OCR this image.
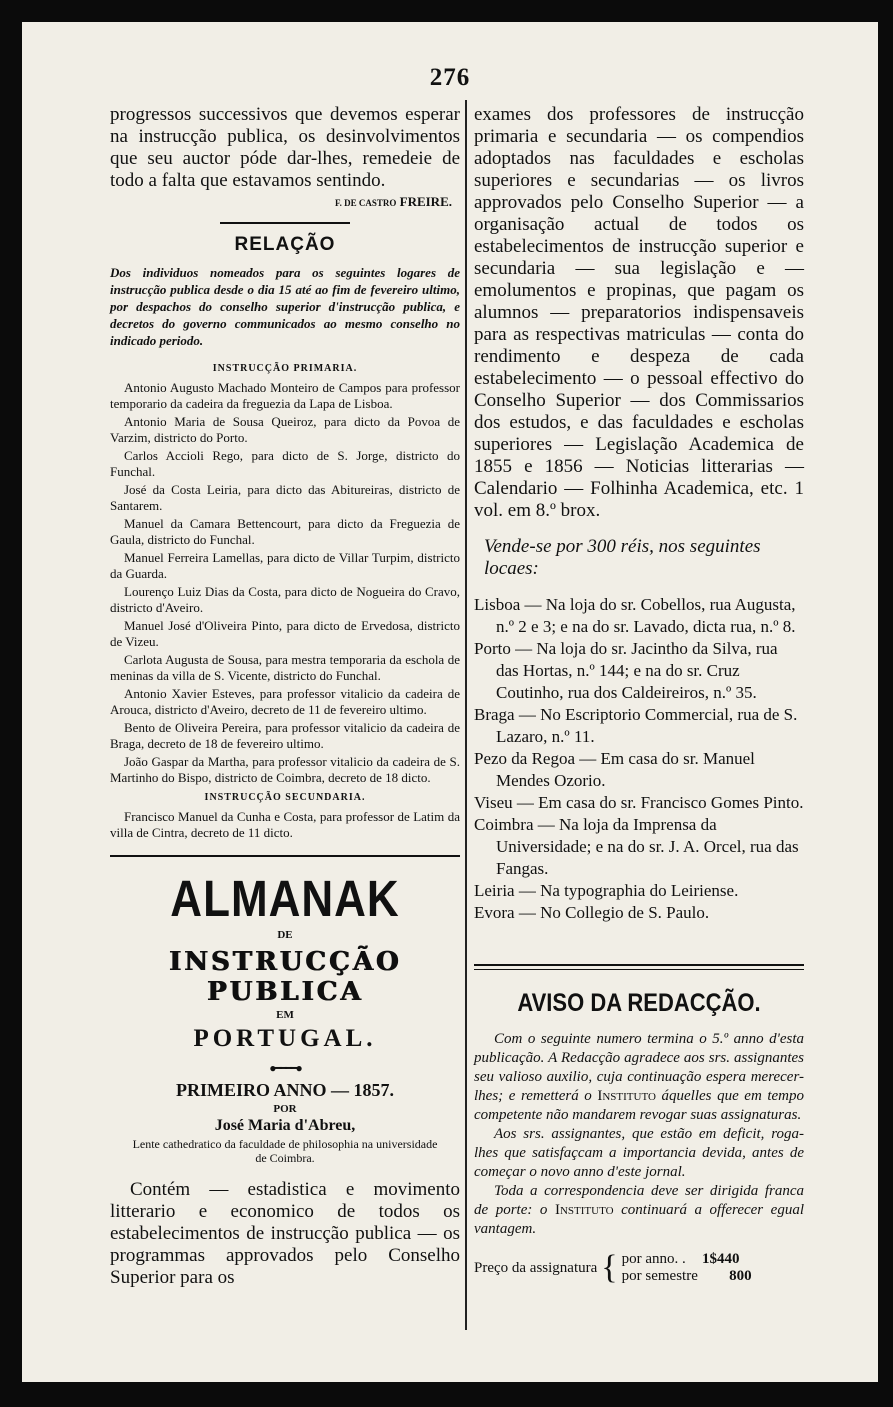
276

progressos successivos que devemos esperar na instrucção publica, os desinvolvimentos que seu auctor póde dar-lhes, remedeie de todo a falta que estavamos sentindo.

F. DE CASTRO FREIRE.
RELAÇÃO

Dos individuos nomeados para os seguintes logares de instrucção publica desde o dia 15 até ao fim de fevereiro ultimo, por despachos do conselho superior d'instrucção publica, e decretos do governo communicados ao mesmo conselho no indicado periodo.

INSTRUCÇÃO PRIMARIA.

Antonio Augusto Machado Monteiro de Campos para professor temporario da cadeira da freguezia da Lapa de Lisboa.

Antonio Maria de Sousa Queiroz, para dicto da Povoa de Varzim, districto do Porto.

Carlos Accioli Rego, para dicto de S. Jorge, districto do Funchal.

José da Costa Leiria, para dicto das Abitureiras, districto de Santarem.

Manuel da Camara Bettencourt, para dicto da Freguezia de Gaula, districto do Funchal.

Manuel Ferreira Lamellas, para dicto de Villar Turpim, districto da Guarda.

Lourenço Luiz Dias da Costa, para dicto de Nogueira do Cravo, districto d'Aveiro.

Manuel José d'Oliveira Pinto, para dicto de Ervedosa, districto de Vizeu.

Carlota Augusta de Sousa, para mestra temporaria da eschola de meninas da villa de S. Vicente, districto do Funchal.

Antonio Xavier Esteves, para professor vitalicio da cadeira de Arouca, districto d'Aveiro, decreto de 11 de fevereiro ultimo.

Bento de Oliveira Pereira, para professor vitalicio da cadeira de Braga, decreto de 18 de fevereiro ultimo.

João Gaspar da Martha, para professor vitalicio da cadeira de S. Martinho do Bispo, districto de Coimbra, decreto de 18 dicto.

INSTRUCÇÃO SECUNDARIA.

Francisco Manuel da Cunha e Costa, para professor de Latim da villa de Cintra, decreto de 11 dicto.

ALMANAK
DE
INSTRUCÇÃO PUBLICA
EM
PORTUGAL.
●━━━━●
PRIMEIRO ANNO — 1857.
POR
José Maria d'Abreu,
Lente cathedratico da faculdade de philosophia na universidade de Coimbra.

Contém — estadistica e movimento litterario e economico de todos os estabelecimentos de instrucção publica — os programmas approvados pelo Conselho Superior para os

exames dos professores de instrucção primaria e secundaria — os compendios adoptados nas faculdades e escholas superiores e secundarias — os livros approvados pelo Conselho Superior — a organisação actual de todos os estabelecimentos de instrucção superior e secundaria — sua legislação e — emolumentos e propinas, que pagam os alumnos — preparatorios indispensaveis para as respectivas matriculas — conta do rendimento e despeza de cada estabelecimento — o pessoal effectivo do Conselho Superior — dos Commissarios dos estudos, e das faculdades e escholas superiores — Legislação Academica de 1855 e 1856 — Noticias litterarias — Calendario — Folhinha Academica, etc. 1 vol. em 8.º brox.

Vende-se por 300 réis, nos seguintes locaes:

Lisboa — Na loja do sr. Cobellos, rua Augusta, n.º 2 e 3; e na do sr. Lavado, dicta rua, n.º 8.

Porto — Na loja do sr. Jacintho da Silva, rua das Hortas, n.º 144; e na do sr. Cruz Coutinho, rua dos Caldeireiros, n.º 35.

Braga — No Escriptorio Commercial, rua de S. Lazaro, n.º 11.

Pezo da Regoa — Em casa do sr. Manuel Mendes Ozorio.

Viseu — Em casa do sr. Francisco Gomes Pinto.

Coimbra — Na loja da Imprensa da Universidade; e na do sr. J. A. Orcel, rua das Fangas.

Leiria — Na typographia do Leiriense.

Evora — No Collegio de S. Paulo.

AVISO DA REDACÇÃO.

Com o seguinte numero termina o 5.º anno d'esta publicação. A Redacção agradece aos srs. assignantes seu valioso auxilio, cuja continuação espera merecer-lhes; e remetterá o Instituto áquelles que em tempo competente não mandarem revogar suas assignaturas.

Aos srs. assignantes, que estão em deficit, roga-lhes que satisfaçcam a importancia devida, antes de começar o novo anno d'este jornal.

Toda a correspondencia deve ser dirigida franca de porte: o Instituto continuará a offerecer egual vantagem.

Preço da assignatura { por anno. . 1$440
por semestre 800
